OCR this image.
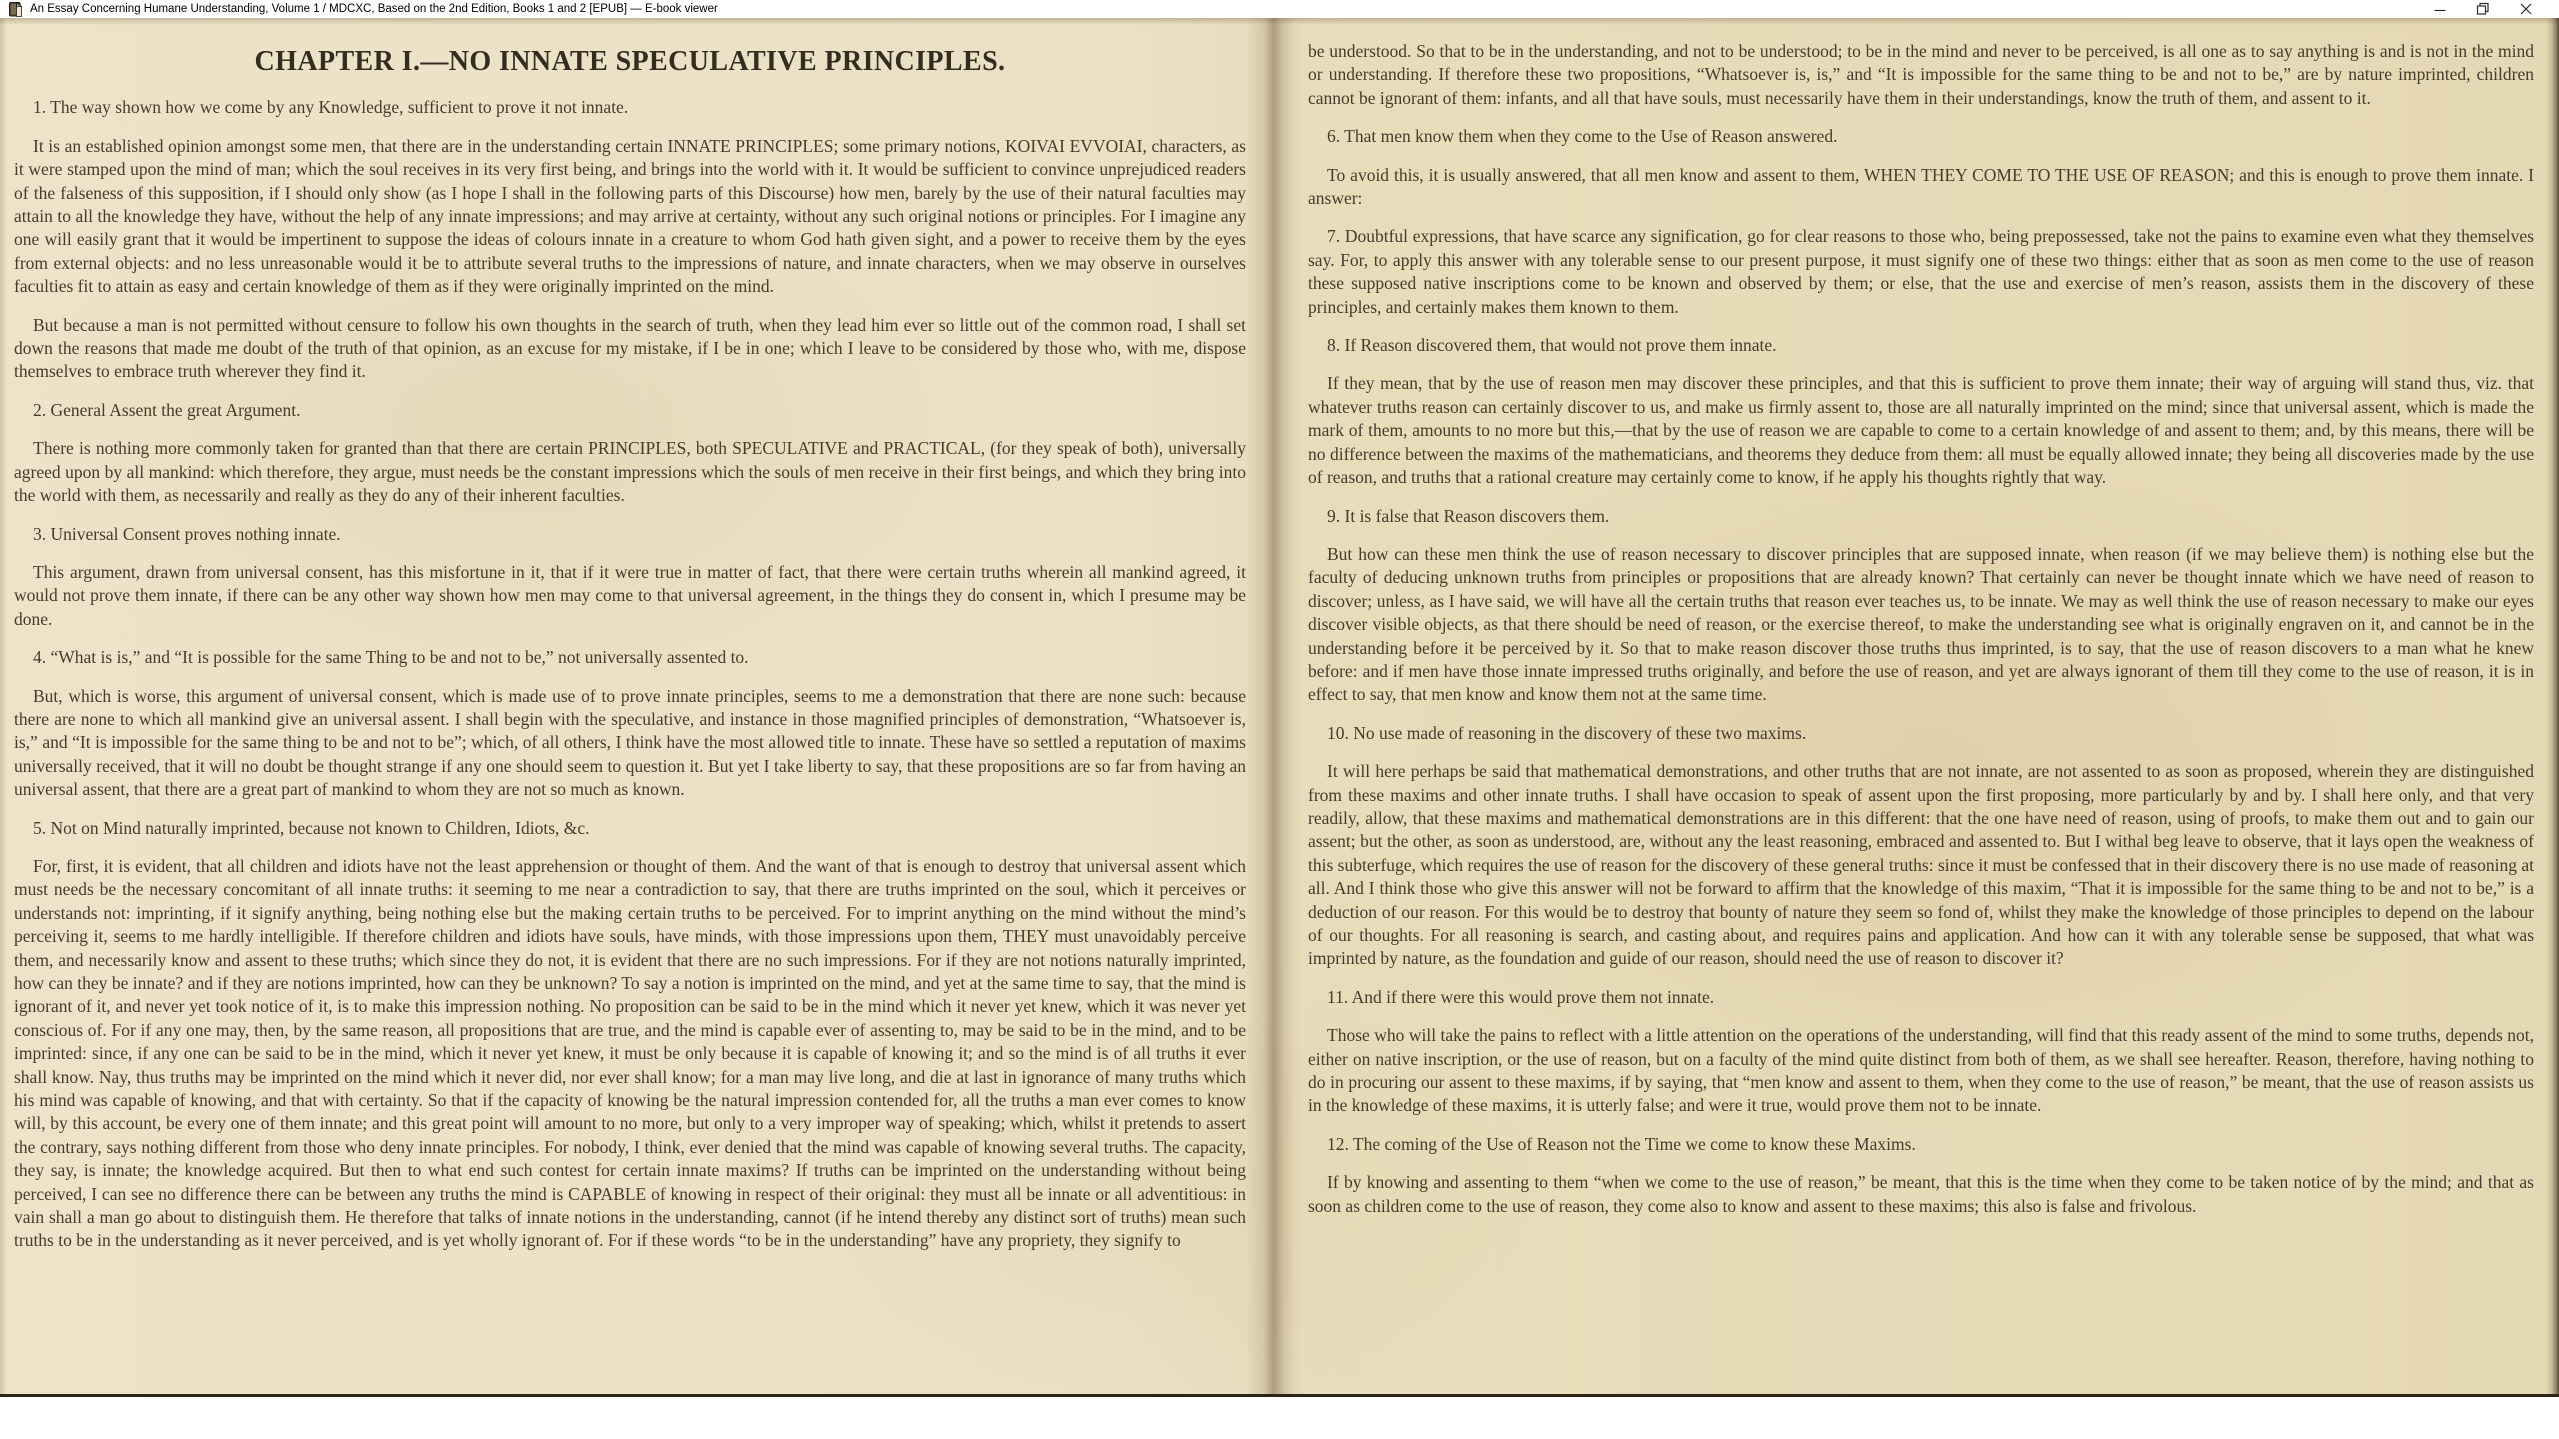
An Essay Concerning Humane Understanding, Volume 1 / MDCXC, Based on the 2nd Edition, Books 1 and 2 [EPUB] — E-book viewer
CHAPTER I.—NO INNATE SPECULATIVE PRINCIPLES.
1. The way shown how we come by any Knowledge, sufficient to prove it not innate.

It is an established opinion amongst some men, that there are in the understanding certain INNATE PRINCIPLES; some primary notions, KOIVAI EVVOIAI, characters, as it were stamped upon the mind of man; which the soul receives in its very first being, and brings into the world with it. It would be sufficient to convince unprejudiced readers of the falseness of this supposition, if I should only show (as I hope I shall in the following parts of this Discourse) how men, barely by the use of their natural faculties may attain to all the knowledge they have, without the help of any innate impressions; and may arrive at certainty, without any such original notions or principles. For I imagine any one will easily grant that it would be impertinent to suppose the ideas of colours innate in a creature to whom God hath given sight, and a power to receive them by the eyes from external objects: and no less unreasonable would it be to attribute several truths to the impressions of nature, and innate characters, when we may observe in ourselves faculties fit to attain as easy and certain knowledge of them as if they were originally imprinted on the mind.

But because a man is not permitted without censure to follow his own thoughts in the search of truth, when they lead him ever so little out of the common road, I shall set down the reasons that made me doubt of the truth of that opinion, as an excuse for my mistake, if I be in one; which I leave to be considered by those who, with me, dispose themselves to embrace truth wherever they find it.

2. General Assent the great Argument.

There is nothing more commonly taken for granted than that there are certain PRINCIPLES, both SPECULATIVE and PRACTICAL, (for they speak of both), universally agreed upon by all mankind: which therefore, they argue, must needs be the constant impressions which the souls of men receive in their first beings, and which they bring into the world with them, as necessarily and really as they do any of their inherent faculties.

3. Universal Consent proves nothing innate.

This argument, drawn from universal consent, has this misfortune in it, that if it were true in matter of fact, that there were certain truths wherein all mankind agreed, it would not prove them innate, if there can be any other way shown how men may come to that universal agreement, in the things they do consent in, which I presume may be done.

4. “What is is,” and “It is possible for the same Thing to be and not to be,” not universally assented to.

But, which is worse, this argument of universal consent, which is made use of to prove innate principles, seems to me a demonstration that there are none such: because there are none to which all mankind give an universal assent. I shall begin with the speculative, and instance in those magnified principles of demonstration, “Whatsoever is, is,” and “It is impossible for the same thing to be and not to be”; which, of all others, I think have the most allowed title to innate. These have so settled a reputation of maxims universally received, that it will no doubt be thought strange if any one should seem to question it. But yet I take liberty to say, that these propositions are so far from having an universal assent, that there are a great part of mankind to whom they are not so much as known.

5. Not on Mind naturally imprinted, because not known to Children, Idiots, &c.

For, first, it is evident, that all children and idiots have not the least apprehension or thought of them. And the want of that is enough to destroy that universal assent which must needs be the necessary concomitant of all innate truths: it seeming to me near a contradiction to say, that there are truths imprinted on the soul, which it perceives or understands not: imprinting, if it signify anything, being nothing else but the making certain truths to be perceived. For to imprint anything on the mind without the mind’s perceiving it, seems to me hardly intelligible. If therefore children and idiots have souls, have minds, with those impressions upon them, THEY must unavoidably perceive them, and necessarily know and assent to these truths; which since they do not, it is evident that there are no such impressions. For if they are not notions naturally imprinted, how can they be innate? and if they are notions imprinted, how can they be unknown? To say a notion is imprinted on the mind, and yet at the same time to say, that the mind is ignorant of it, and never yet took notice of it, is to make this impression nothing. No proposition can be said to be in the mind which it never yet knew, which it was never yet conscious of. For if any one may, then, by the same reason, all propositions that are true, and the mind is capable ever of assenting to, may be said to be in the mind, and to be imprinted: since, if any one can be said to be in the mind, which it never yet knew, it must be only because it is capable of knowing it; and so the mind is of all truths it ever shall know. Nay, thus truths may be imprinted on the mind which it never did, nor ever shall know; for a man may live long, and die at last in ignorance of many truths which his mind was capable of knowing, and that with certainty. So that if the capacity of knowing be the natural impression contended for, all the truths a man ever comes to know will, by this account, be every one of them innate; and this great point will amount to no more, but only to a very improper way of speaking; which, whilst it pretends to assert the contrary, says nothing different from those who deny innate principles. For nobody, I think, ever denied that the mind was capable of knowing several truths. The capacity, they say, is innate; the knowledge acquired. But then to what end such contest for certain innate maxims? If truths can be imprinted on the understanding without being perceived, I can see no difference there can be between any truths the mind is CAPABLE of knowing in respect of their original: they must all be innate or all adventitious: in vain shall a man go about to distinguish them. He therefore that talks of innate notions in the understanding, cannot (if he intend thereby any distinct sort of truths) mean such truths to be in the understanding as it never perceived, and is yet wholly ignorant of. For if these words “to be in the understanding” have any propriety, they signify to

be understood. So that to be in the understanding, and not to be understood; to be in the mind and never to be perceived, is all one as to say anything is and is not in the mind or understanding. If therefore these two propositions, “Whatsoever is, is,” and “It is impossible for the same thing to be and not to be,” are by nature imprinted, children cannot be ignorant of them: infants, and all that have souls, must necessarily have them in their understandings, know the truth of them, and assent to it.

6. That men know them when they come to the Use of Reason answered.

To avoid this, it is usually answered, that all men know and assent to them, WHEN THEY COME TO THE USE OF REASON; and this is enough to prove them innate. I answer:

7. Doubtful expressions, that have scarce any signification, go for clear reasons to those who, being prepossessed, take not the pains to examine even what they themselves say. For, to apply this answer with any tolerable sense to our present purpose, it must signify one of these two things: either that as soon as men come to the use of reason these supposed native inscriptions come to be known and observed by them; or else, that the use and exercise of men’s reason, assists them in the discovery of these principles, and certainly makes them known to them.

8. If Reason discovered them, that would not prove them innate.

If they mean, that by the use of reason men may discover these principles, and that this is sufficient to prove them innate; their way of arguing will stand thus, viz. that whatever truths reason can certainly discover to us, and make us firmly assent to, those are all naturally imprinted on the mind; since that universal assent, which is made the mark of them, amounts to no more but this,—that by the use of reason we are capable to come to a certain knowledge of and assent to them; and, by this means, there will be no difference between the maxims of the mathematicians, and theorems they deduce from them: all must be equally allowed innate; they being all discoveries made by the use of reason, and truths that a rational creature may certainly come to know, if he apply his thoughts rightly that way.

9. It is false that Reason discovers them.

But how can these men think the use of reason necessary to discover principles that are supposed innate, when reason (if we may believe them) is nothing else but the faculty of deducing unknown truths from principles or propositions that are already known? That certainly can never be thought innate which we have need of reason to discover; unless, as I have said, we will have all the certain truths that reason ever teaches us, to be innate. We may as well think the use of reason necessary to make our eyes discover visible objects, as that there should be need of reason, or the exercise thereof, to make the understanding see what is originally engraven on it, and cannot be in the understanding before it be perceived by it. So that to make reason discover those truths thus imprinted, is to say, that the use of reason discovers to a man what he knew before: and if men have those innate impressed truths originally, and before the use of reason, and yet are always ignorant of them till they come to the use of reason, it is in effect to say, that men know and know them not at the same time.

10. No use made of reasoning in the discovery of these two maxims.

It will here perhaps be said that mathematical demonstrations, and other truths that are not innate, are not assented to as soon as proposed, wherein they are distinguished from these maxims and other innate truths. I shall have occasion to speak of assent upon the first proposing, more particularly by and by. I shall here only, and that very readily, allow, that these maxims and mathematical demonstrations are in this different: that the one have need of reason, using of proofs, to make them out and to gain our assent; but the other, as soon as understood, are, without any the least reasoning, embraced and assented to. But I withal beg leave to observe, that it lays open the weakness of this subterfuge, which requires the use of reason for the discovery of these general truths: since it must be confessed that in their discovery there is no use made of reasoning at all. And I think those who give this answer will not be forward to affirm that the knowledge of this maxim, “That it is impossible for the same thing to be and not to be,” is a deduction of our reason. For this would be to destroy that bounty of nature they seem so fond of, whilst they make the knowledge of those principles to depend on the labour of our thoughts. For all reasoning is search, and casting about, and requires pains and application. And how can it with any tolerable sense be supposed, that what was imprinted by nature, as the foundation and guide of our reason, should need the use of reason to discover it?

11. And if there were this would prove them not innate.

Those who will take the pains to reflect with a little attention on the operations of the understanding, will find that this ready assent of the mind to some truths, depends not, either on native inscription, or the use of reason, but on a faculty of the mind quite distinct from both of them, as we shall see hereafter. Reason, therefore, having nothing to do in procuring our assent to these maxims, if by saying, that “men know and assent to them, when they come to the use of reason,” be meant, that the use of reason assists us in the knowledge of these maxims, it is utterly false; and were it true, would prove them not to be innate.

12. The coming of the Use of Reason not the Time we come to know these Maxims.

If by knowing and assenting to them “when we come to the use of reason,” be meant, that this is the time when they come to be taken notice of by the mind; and that as soon as children come to the use of reason, they come also to know and assent to these maxims; this also is false and frivolous.
